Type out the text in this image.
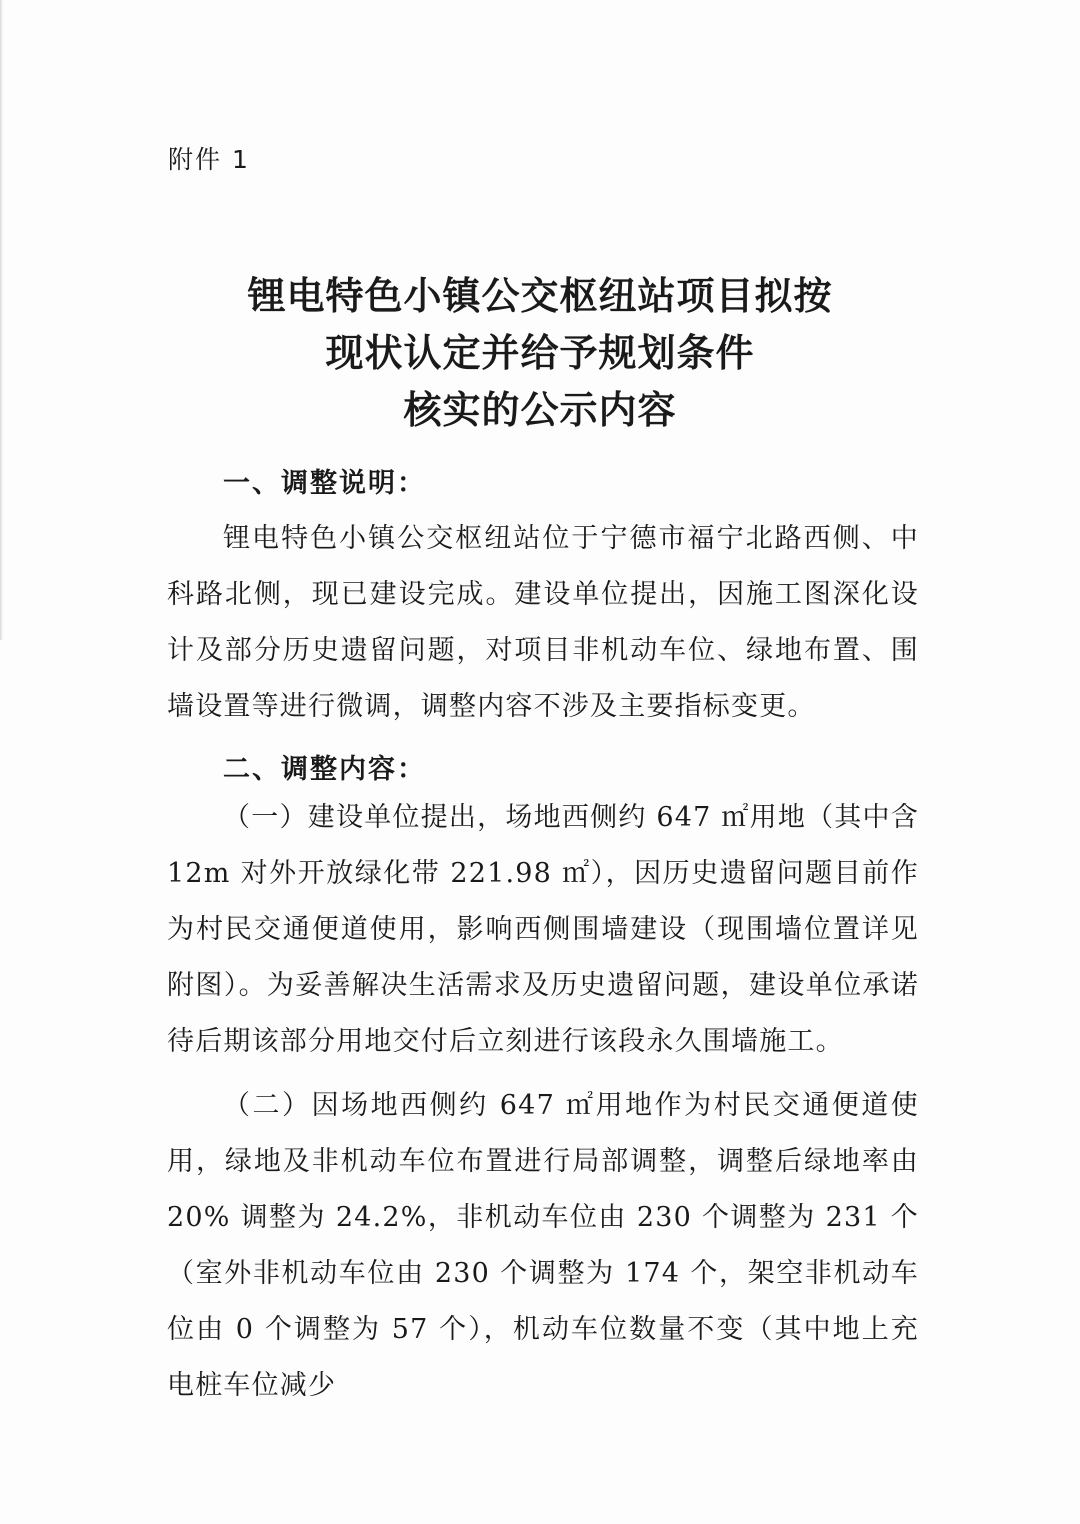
附件 1
锂电特色小镇公交枢纽站项目拟按
现状认定并给予规划条件
核实的公示内容
一、调整说明：
锂电特色小镇公交枢纽站位于宁德市福宁北路西侧、中科路北侧，现已建设完成。建设单位提出，因施工图深化设计及部分历史遗留问题，对项目非机动车位、绿地布置、围墙设置等进行微调，调整内容不涉及主要指标变更。
二、调整内容：
（一）建设单位提出，场地西侧约 647 ㎡用地（其中含 12m 对外开放绿化带 221.98 ㎡），因历史遗留问题目前作为村民交通便道使用，影响西侧围墙建设（现围墙位置详见附图）。为妥善解决生活需求及历史遗留问题，建设单位承诺待后期该部分用地交付后立刻进行该段永久围墙施工。
（二）因场地西侧约 647 ㎡用地作为村民交通便道使用，绿地及非机动车位布置进行局部调整，调整后绿地率由 20% 调整为 24.2%，非机动车位由 230 个调整为 231 个（室外非机动车位由 230 个调整为 174 个，架空非机动车位由 0 个调整为 57 个），机动车位数量不变（其中地上充电桩车位减少
